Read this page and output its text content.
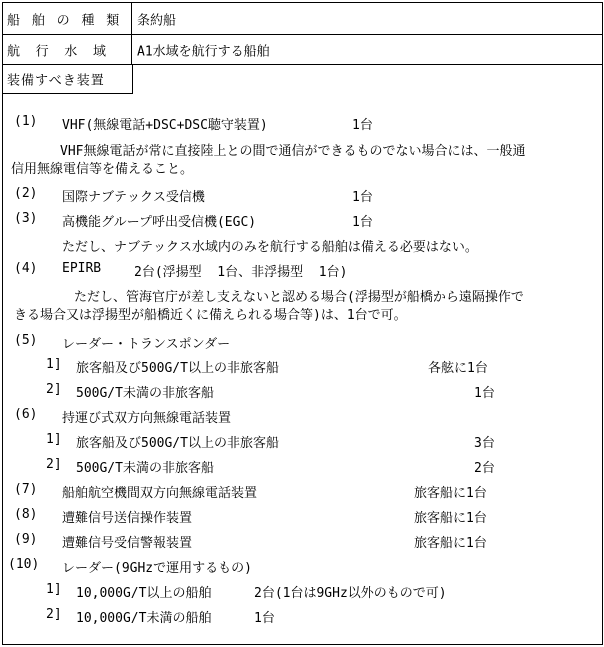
船 舶 の 種 類 条約船
航  行  水  域 A1水域を航行する船舶
装備すべき装置
(1) VHF(無線電話+DSC+DSC聴守装置)	1台
VHF無線電話が常に直接陸上との間で通信ができるものでない場合には、一般通
信用無線電信等を備えること。
(2) 国際ナブテックス受信機	1台
(3) 高機能グループ呼出受信機(EGC)	1台
ただし、ナブテックス水域内のみを航行する船舶は備える必要はない。
(4) EPIRB	2台(浮揚型  1台、非浮揚型  1台)
ただし、管海官庁が差し支えないと認める場合(浮揚型が船橋から遠隔操作で
きる場合又は浮揚型が船橋近くに備えられる場合等)は、1台で可。
(5) レーダー・トランスポンダー
1] 旅客船及び500G/T以上の非旅客船	各舷に1台
2] 500G/T未満の非旅客船	1台
(6) 持運び式双方向無線電話装置
1] 旅客船及び500G/T以上の非旅客船	3台
2] 500G/T未満の非旅客船	2台
(7) 船舶航空機間双方向無線電話装置	旅客船に1台
(8) 遭難信号送信操作装置	旅客船に1台
(9) 遭難信号受信警報装置	旅客船に1台
(10) レーダー(9GHzで運用するもの)
1] 10,000G/T以上の船舶	2台(1台は9GHz以外のもので可)
2] 10,000G/T未満の船舶	1台
